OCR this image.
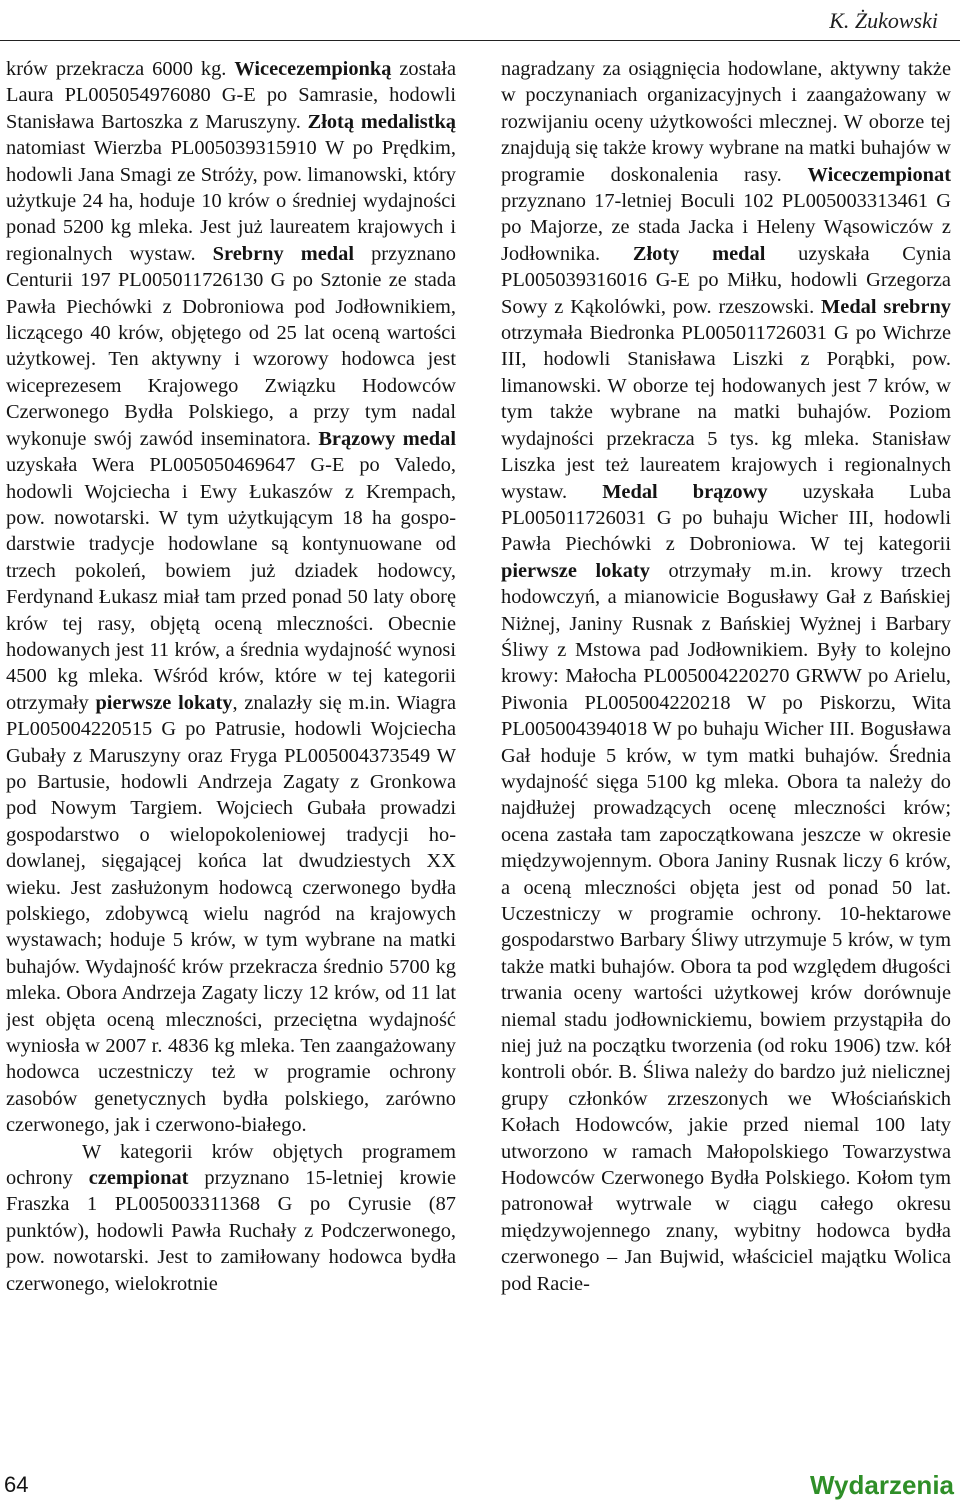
K. Żukowski

krów przekracza 6000 kg. Wicecezempionką została Laura PL005054976080 G-E po Samrasie, hodowli Stanisława Bartoszka z Maruszyny. Złotą medalistką natomiast Wierzba PL005039315910 W po Prędkim, hodowli Jana Smagi ze Stróży, pow. limanowski, który użytkuje 24 ha, hoduje 10 krów o średniej wydajności ponad 5200 kg mleka. Jest już laureatem krajowych i regionalnych wystaw. Srebrny medal przyznano Centurii 197 PL005011726130 G po Sztonie ze stada Pawła Piechówki z Dobroniowa pod Jodłownikiem, liczącego 40 krów, objętego od 25 lat oceną wartości użytkowej. Ten aktywny i wzorowy hodowca jest wiceprezesem Krajowego Związku Hodowców Czerwonego Bydła Polskiego, a przy tym nadal wykonuje swój zawód inseminatora. Brązowy medal uzyskała Wera PL005050469647 G-E po Valedo, hodowli Wojciecha i Ewy Łukaszów z Krempach, pow. nowotarski. W tym użytkującym 18 ha gospodarstwie tradycje hodowlane są kontynuowane od trzech pokoleń, bowiem już dziadek hodowcy, Ferdynand Łukasz miał tam przed ponad 50 laty oborę krów tej rasy, objętą oceną mleczności. Obecnie hodowanych jest 11 krów, a średnia wydajność wynosi 4500 kg mleka. Wśród krów, które w tej kategorii otrzymały pierwsze lokaty, znalazły się m.in. Wiagra PL005004220515 G po Patrusie, hodowli Wojciecha Gubały z Maruszyny oraz Fryga PL005004373549 W po Bartusie, hodowli Andrzeja Zagaty z Gronkowa pod Nowym Targiem. Wojciech Gubała prowadzi gospodarstwo o wielopokoleniowej tradycji hodowlanej, sięgającej końca lat dwudziestych XX wieku. Jest zasłużonym hodowcą czerwonego bydła polskiego, zdobywcą wielu nagród na krajowych wystawach; hoduje 5 krów, w tym wybrane na matki buhajów. Wydajność krów przekracza średnio 5700 kg mleka. Obora Andrzeja Zagaty liczy 12 krów, od 11 lat jest objęta oceną mleczności, przeciętna wydajność wyniosła w 2007 r. 4836 kg mleka. Ten zaangażowany hodowca uczestniczy też w programie ochrony zasobów genetycznych bydła polskiego, zarówno czerwonego, jak i czerwono-białego.

W kategorii krów objętych programem ochrony czempionat przyznano 15-letniej krowie Fraszka 1 PL005003311368 G po Cyrusie (87 punktów), hodowli Pawła Ruchały z Podczerwonego, pow. nowotarski. Jest to zamiłowany hodowca bydła czerwonego, wielokrotnie

nagradzany za osiągnięcia hodowlane, aktywny także w poczynaniach organizacyjnych i zaangażowany w rozwijaniu oceny użytkowości mlecznej. W oborze tej znajdują się także krowy wybrane na matki buhajów w programie doskonalenia rasy. Wiceczempionat przyznano 17-letniej Boculi 102 PL005003313461 G po Majorze, ze stada Jacka i Heleny Wąsowiczów z Jodłownika. Złoty medal uzyskała Cynia PL005039316016 G-E po Miłku, hodowli Grzegorza Sowy z Kąkolówki, pow. rzeszowski. Medal srebrny otrzymała Biedronka PL005011726031 G po Wichrze III, hodowli Stanisława Liszki z Porąbki, pow. limanowski. W oborze tej hodowanych jest 7 krów, w tym także wybrane na matki buhajów. Poziom wydajności przekracza 5 tys. kg mleka. Stanisław Liszka jest też laureatem krajowych i regionalnych wystaw. Medal brązowy uzyskała Luba PL005011726031 G po buhaju Wicher III, hodowli Pawła Piechówki z Dobroniowa. W tej kategorii pierwsze lokaty otrzymały m.in. krowy trzech hodowczyń, a mianowicie Bogusławy Gał z Bańskiej Niżnej, Janiny Rusnak z Bańskiej Wyżnej i Barbary Śliwy z Mstowa pad Jodłownikiem. Były to kolejno krowy: Małocha PL005004220270 GRWW po Arielu, Piwonia PL005004220218 W po Piskorzu, Wita PL005004394018 W po buhaju Wicher III. Bogusława Gał hoduje 5 krów, w tym matki buhajów. Średnia wydajność sięga 5100 kg mleka. Obora ta należy do najdłużej prowadzących ocenę mleczności krów; ocena zastała tam zapoczątkowana jeszcze w okresie międzywojennym. Obora Janiny Rusnak liczy 6 krów, a oceną mleczności objęta jest od ponad 50 lat. Uczestniczy w programie ochrony. 10-hektarowe gospodarstwo Barbary Śliwy utrzymuje 5 krów, w tym także matki buhajów. Obora ta pod względem długości trwania oceny wartości użytkowej krów dorównuje niemal stadu jodłownickiemu, bowiem przystąpiła do niej już na początku tworzenia (od roku 1906) tzw. kół kontroli obór. B. Śliwa należy do bardzo już nielicznej grupy członków zrzeszonych we Włościańskich Kołach Hodowców, jakie przed niemal 100 laty utworzono w ramach Małopolskiego Towarzystwa Hodowców Czerwonego Bydła Polskiego. Kołom tym patronował wytrwale w ciągu całego okresu międzywojennego znany, wybitny hodowca bydła czerwonego – Jan Bujwid, właściciel majątku Wolica pod Racie-

64	Wydarzenia
